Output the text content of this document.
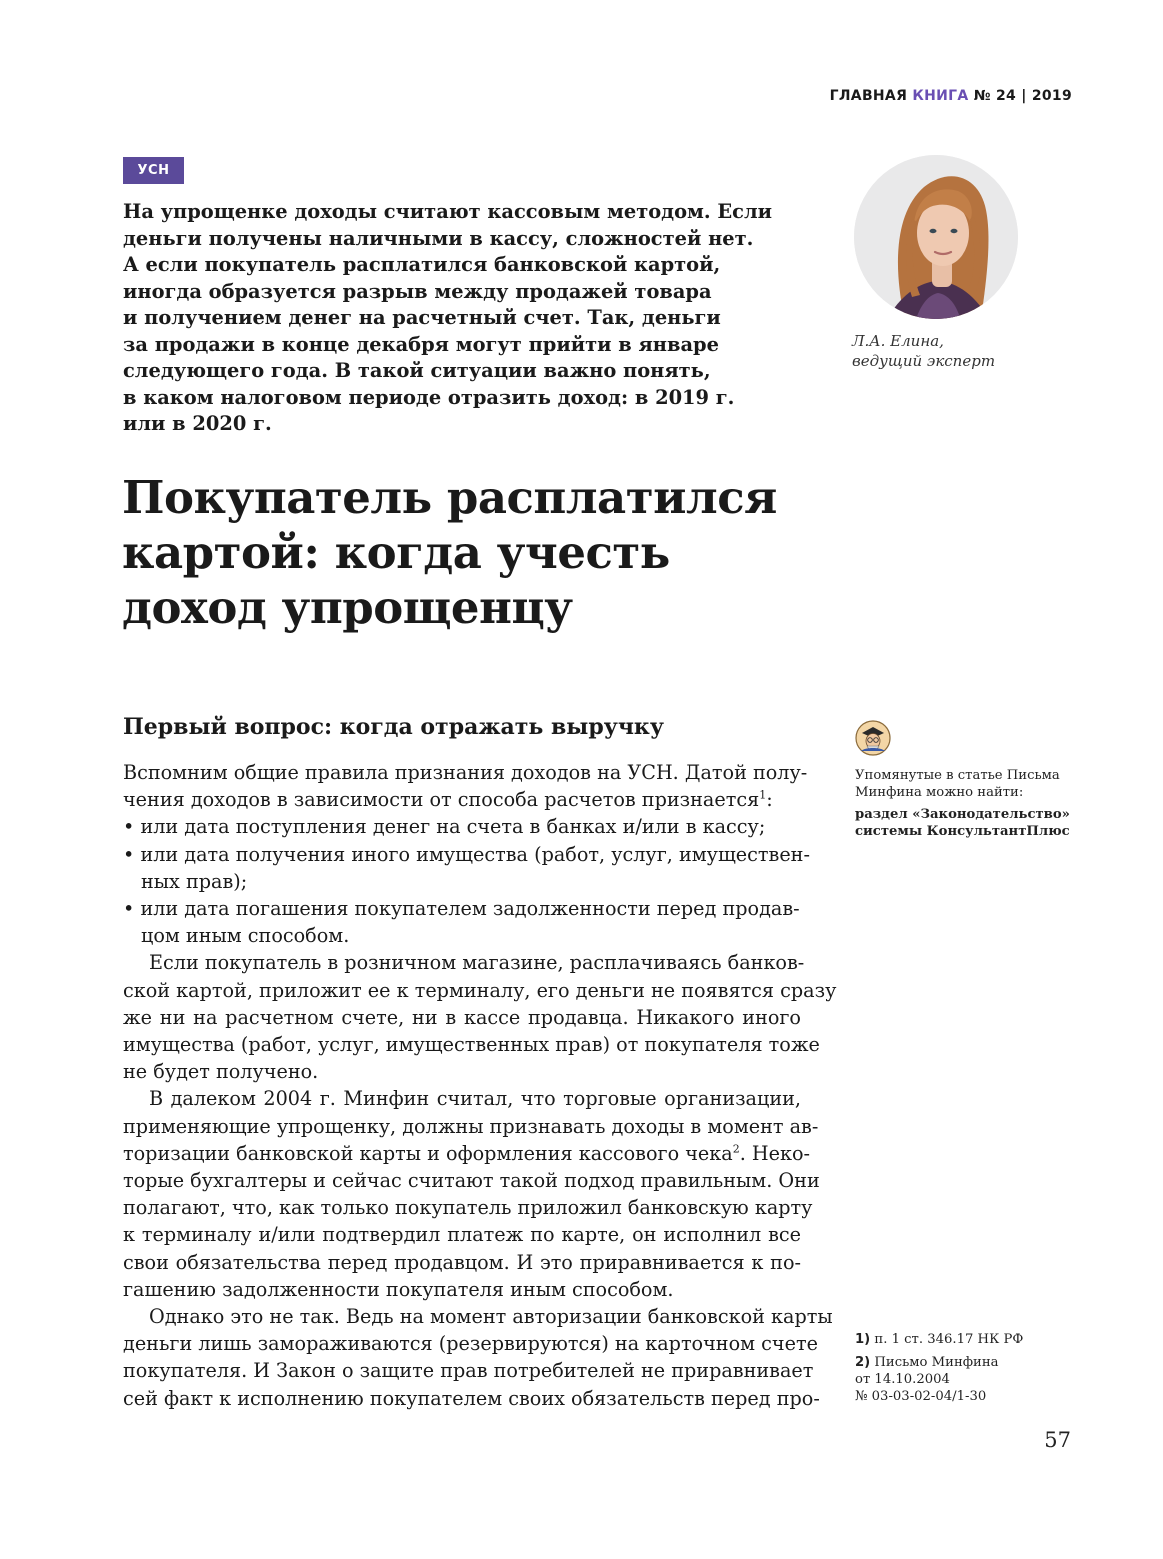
ГЛАВНАЯ КНИГА № 24 | 2019
УСН
На упрощенке доходы считают кассовым методом. Если
деньги получены наличными в кассу, сложностей нет.
А если покупатель расплатился банковской картой,
иногда образуется разрыв между продажей товара
и получением денег на расчетный счет. Так, деньги
за продажи в конце декабря могут прийти в январе
следующего года. В такой ситуации важно понять,
в каком налоговом периоде отразить доход: в 2019 г.
или в 2020 г.
Л.А. Елина,
ведущий эксперт
Покупатель расплатился
картой: когда учесть
доход упрощенцу
Первый вопрос: когда отражать выручку
Вспомним общие правила признания доходов на УСН. Датой полу-
чения доходов в зависимости от способа расчетов признается$^1$:
• или дата поступления денег на счета в банках и/или в кассу;
• или дата получения иного имущества (работ, услуг, имуществен-
ных прав);
• или дата погашения покупателем задолженности перед продав-
цом иным способом.
Если покупатель в розничном магазине, расплачиваясь банков-
ской картой, приложит ее к терминалу, его деньги не появятся сразу
же ни на расчетном счете, ни в кассе продавца. Никакого иного
имущества (работ, услуг, имущественных прав) от покупателя тоже
не будет получено.
В далеком 2004 г. Минфин считал, что торговые организации,
применяющие упрощенку, должны признавать доходы в момент ав-
торизации банковской карты и оформления кассового чека$^2$. Неко-
торые бухгалтеры и сейчас считают такой подход правильным. Они
полагают, что, как только покупатель приложил банковскую карту
к терминалу и/или подтвердил платеж по карте, он исполнил все
свои обязательства перед продавцом. И это приравнивается к по-
гашению задолженности покупателя иным способом.
Однако это не так. Ведь на момент авторизации банковской карты
деньги лишь замораживаются (резервируются) на карточном счете
покупателя. И Закон о защите прав потребителей не приравнивает
сей факт к исполнению покупателем своих обязательств перед про-
Упомянутые в статье Письма
Минфина можно найти:
раздел «Законодательство»
системы КонсультантПлюс
1) п. 1 ст. 346.17 НК РФ
2) Письмо Минфина
от 14.10.2004
№ 03-03-02-04/1-30
57
